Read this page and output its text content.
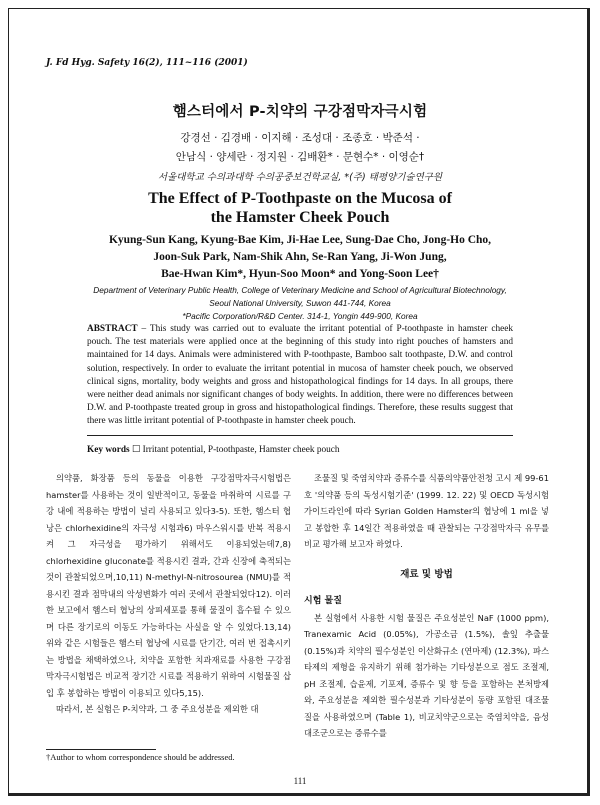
J. Fd Hyg. Safety 16(2), 111~116 (2001)
햄스터에서 P-치약의 구강점막자극시험
강경선 · 김경배 · 이지해 · 조성대 · 조종호 · 박준석 ·
안남식 · 양세란 · 정지원 · 김배환* · 문현수* · 이영순†
서울대학교 수의과대학 수의공중보건학교실, *(주) 태평양기술연구원
The Effect of P-Toothpaste on the Mucosa of
the Hamster Cheek Pouch
Kyung-Sun Kang, Kyung-Bae Kim, Ji-Hae Lee, Sung-Dae Cho, Jong-Ho Cho,
Joon-Suk Park, Nam-Shik Ahn, Se-Ran Yang, Ji-Won Jung,
Bae-Hwan Kim*, Hyun-Soo Moon* and Yong-Soon Lee†
Department of Veterinary Public Health, College of Veterinary Medicine and School of Agricultural Biotechnology,
Seoul National University, Suwon 441-744, Korea
*Pacific Corporation/R&D Center. 314-1, Yongin 449-900, Korea
ABSTRACT – This study was carried out to evaluate the irritant potential of P-toothpaste in hamster cheek pouch. The test materials were applied once at the beginning of this study into right pouches of hamsters and maintained for 14 days. Animals were administered with P-toothpaste, Bamboo salt toothpaste, D.W. and control solution, respectively. In order to evaluate the irritant potential in mucosa of hamster cheek pouch, we observed clinical signs, mortality, body weights and gross and histopathological findings for 14 days. In all groups, there were neither dead animals nor significant changes of body weights. In addition, there were no differences between D.W. and P-toothpaste treated group in gross and histopathological findings. Therefore, these results suggest that there was little irritant potential of P-toothpaste in hamster cheek pouch.
Key words ☐ Irritant potential, P-toothpaste, Hamster cheek pouch

의약품, 화장품 등의 동물을 이용한 구강점막자극시험법은 hamster를 사용하는 것이 일반적이고, 동물을 마취하여 시료를 구강 내에 적용하는 방법이 널리 사용되고 있다3-5). 또한, 햄스터 협낭은 chlorhexidine의 자극성 시험과6) 마우스워시를 반복 적용시켜 그 자극성을 평가하기 위해서도 이용되었는데7,8) chlorhexidine gluconate를 적용시킨 결과, 간과 신장에 축적되는 것이 관찰되었으며,10,11) N-methyl-N-nitrosourea (NMU)를 적용시킨 결과 점막내의 악성변화가 여러 곳에서 관찰되었다12). 이러한 보고에서 햄스터 협낭의 상피세포를 통해 물질이 흡수될 수 있으며 다른 장기로의 이동도 가능하다는 사실을 알 수 있었다.13,14) 위와 같은 시험들은 햄스터 협낭에 시료를 단기간, 여러 번 접촉시키는 방법을 채택하였으나, 치약을 포함한 치과재료를 사용한 구강점막자극시험법은 비교적 장기간 시료를 적용하기 위하여 시험물질 삽입 후 봉합하는 방법이 이용되고 있다5,15).

따라서, 본 실험은 P-치약과, 그 중 주요성분을 제외한 대

조물질 및 죽염치약과 증류수를 식품의약품안전청 고시 제 99-61호 '의약품 등의 독성시험기준' (1999. 12. 22) 및 OECD 독성시험 가이드라인에 따라 Syrian Golden Hamster의 협낭에 1 ml을 넣고 봉합한 후 14일간 적용하였을 때 관찰되는 구강점막자극 유무를 비교 평가해 보고자 하였다.

재료 및 방법

시험 물질

본 실험에서 사용한 시험 물질은 주요성분인 NaF (1000 ppm), Tranexamic Acid (0.05%), 가공소금 (1.5%), 솔잎 추출물 (0.15%)과 치약의 필수성분인 이산화규소 (연마제) (12.3%), 파스타제의 제형을 유지하기 위해 첨가하는 기타성분으로 점도 조절제, pH 조절제, 습윤제, 기포제, 증류수 및 향 등을 포함하는 본처방제와, 주요성분을 제외한 필수성분과 기타성분이 동량 포함된 대조물질을 사용하였으며 (Table 1), 비교치약군으로는 죽염치약을, 음성대조군으로는 증류수를

†Author to whom correspondence should be addressed.
111
